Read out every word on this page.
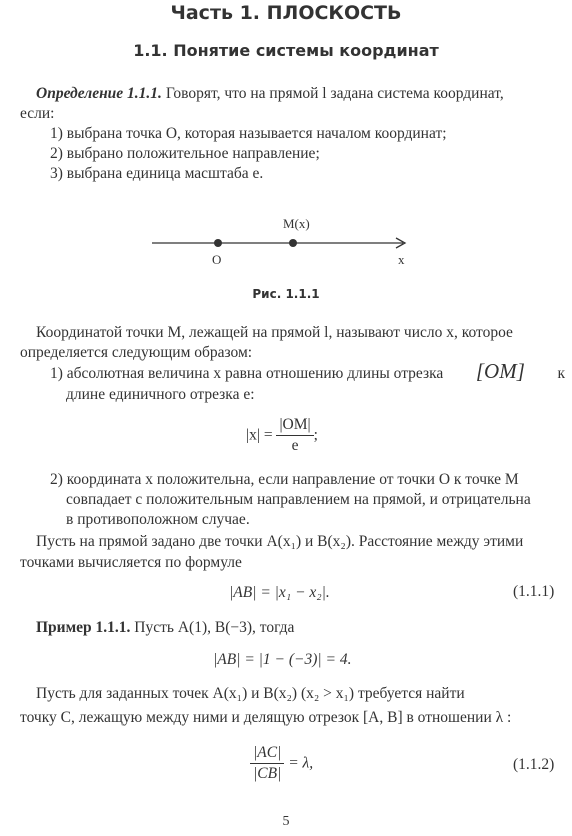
Часть 1. ПЛОСКОСТЬ
1.1. Понятие системы координат
Определение 1.1.1. Говорят, что на прямой l задана система координат,
если:
1) выбрана точка O, которая называется началом координат;
2) выбрано положительное направление;
3) выбрана единица масштаба e.
M(x)
O	x
Рис. 1.1.1
Координатой точки M, лежащей на прямой l, называют число x, которое
определяется следующим образом:
1) абсолютная величина x равна отношению длины отрезка [OM] к
длине единичного отрезка e:
$|x| = \frac{|OM|}{e}$ ;
2) координата x положительна, если направление от точки O к точке M
совпадает с положительным направлением на прямой, и отрицательна
в противоположном случае.
Пусть на прямой задано две точки A(x₁) и B(x₂). Расстояние между этими
точками вычисляется по формуле
|AB| = |x₁ − x₂|.	(1.1.1)
Пример 1.1.1. Пусть A(1), B(−3), тогда
|AB| = |1 − (−3)| = 4.
Пусть для заданных точек A(x₁) и B(x₂) (x₂ > x₁) требуется найти
точку C, лежащую между ними и делящую отрезок [A, B] в отношении λ :
$\frac{|AC|}{|CB|} = \lambda$,	(1.1.2)
5
